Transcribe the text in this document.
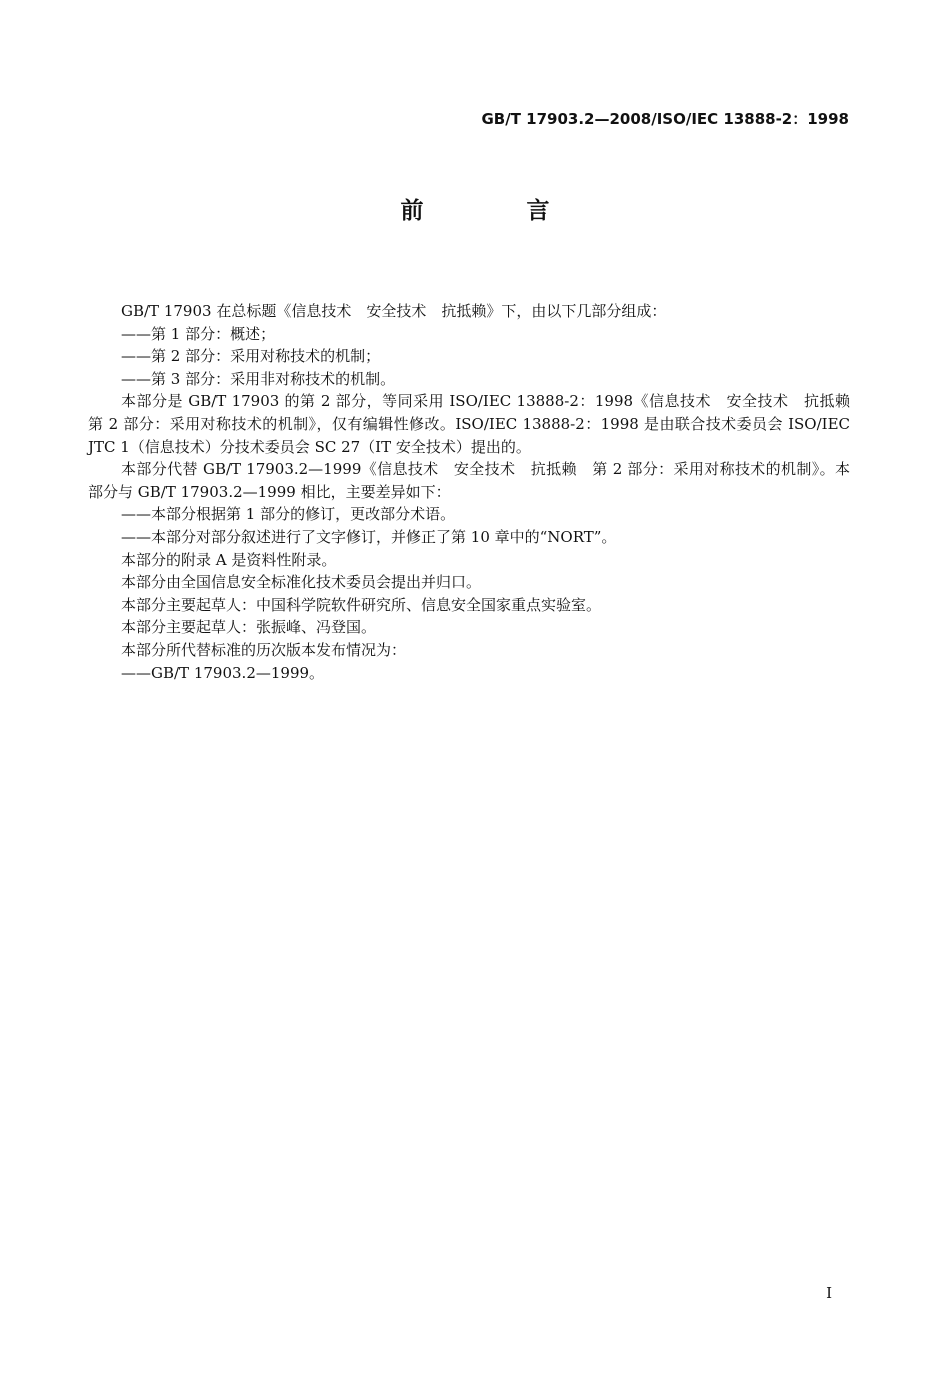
GB/T 17903.2—2008/ISO/IEC 13888-2：1998
前　言

GB/T 17903 在总标题《信息技术　安全技术　抗抵赖》下，由以下几部分组成：

——第 1 部分：概述；

——第 2 部分：采用对称技术的机制；

——第 3 部分：采用非对称技术的机制。

本部分是 GB/T 17903 的第 2 部分，等同采用 ISO/IEC 13888-2：1998《信息技术　安全技术　抗抵赖　第 2 部分：采用对称技术的机制》，仅有编辑性修改。ISO/IEC 13888-2：1998 是由联合技术委员会 ISO/IEC JTC 1（信息技术）分技术委员会 SC 27（IT 安全技术）提出的。

本部分代替 GB/T 17903.2—1999《信息技术　安全技术　抗抵赖　第 2 部分：采用对称技术的机制》。本部分与 GB/T 17903.2—1999 相比，主要差异如下：

——本部分根据第 1 部分的修订，更改部分术语。

——本部分对部分叙述进行了文字修订，并修正了第 10 章中的“NORT”。

本部分的附录 A 是资料性附录。

本部分由全国信息安全标准化技术委员会提出并归口。

本部分主要起草人：中国科学院软件研究所、信息安全国家重点实验室。

本部分主要起草人：张振峰、冯登国。

本部分所代替标准的历次版本发布情况为：

——GB/T 17903.2—1999。

I
